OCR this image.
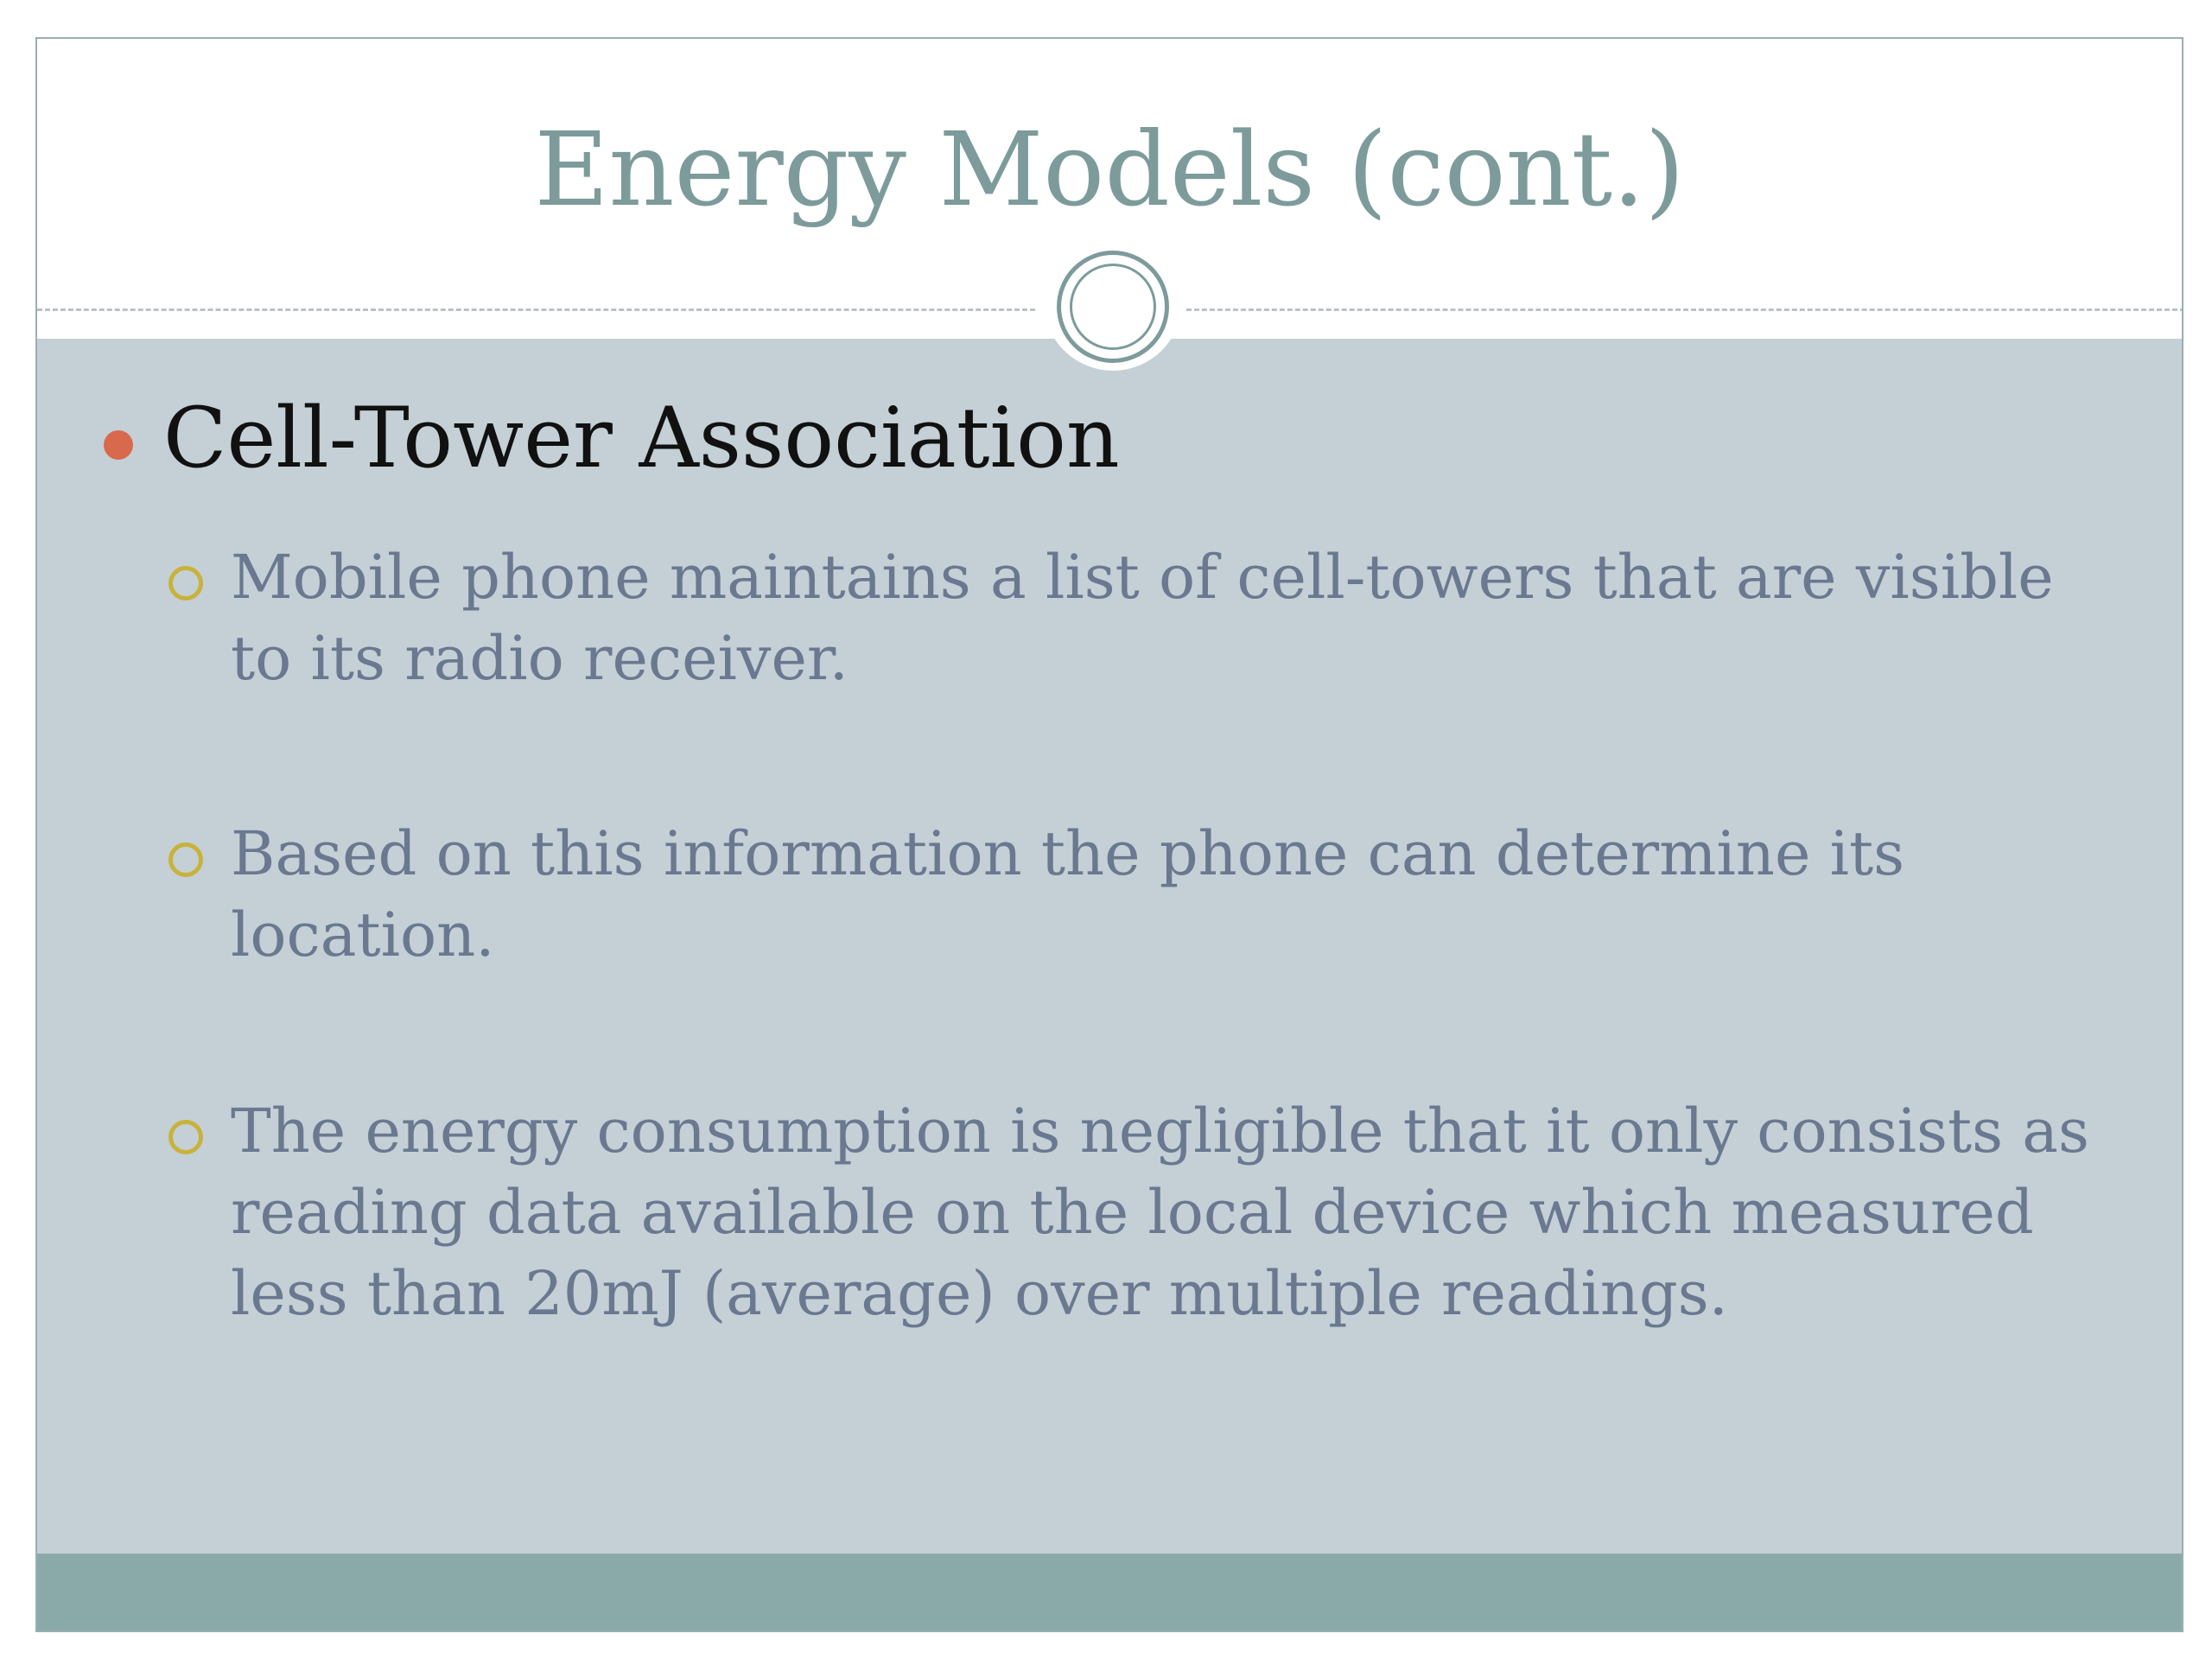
Energy Models (cont.)
Cell-Tower Association
Mobile phone maintains a list of cell-towers that are visible to its radio receiver.
Based on this information the phone can determine its location.
The energy consumption is negligible that it only consists as reading data available on the local device which measured less than 20mJ (average) over multiple readings.
